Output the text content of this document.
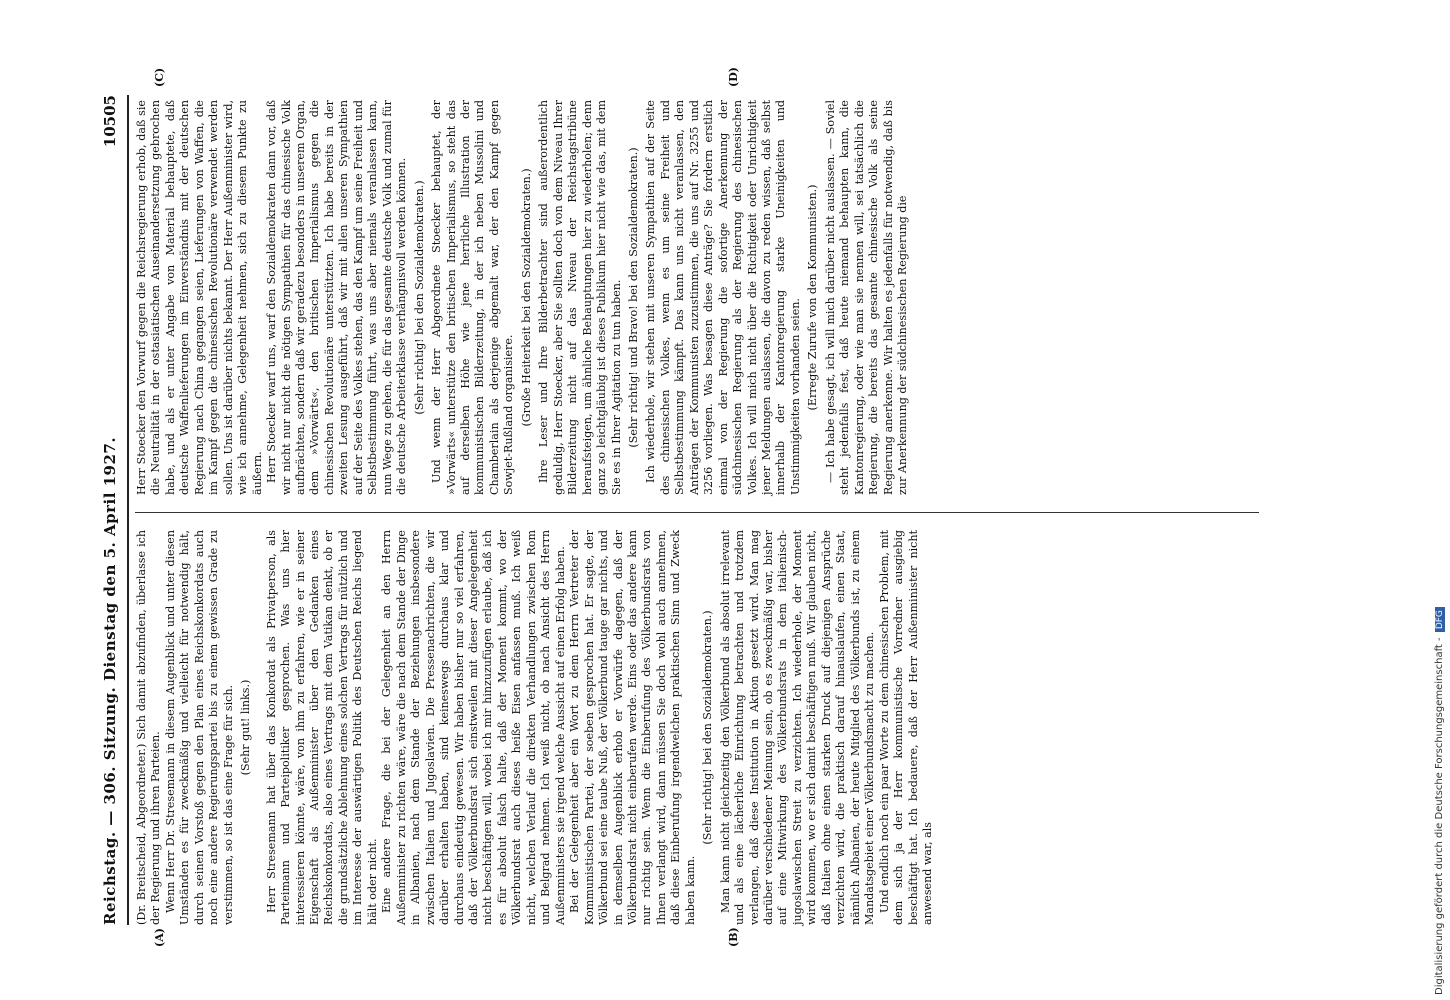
Reichstag. — 306. Sitzung. Dienstag den 5. April 1927.
10505
(A)	(B)
(C)	(D)

(Dr. Breitscheid, Abgeordneter.) Sich damit abzufinden, überlasse ich der Regierung und ihren Parteien. Wenn Herr Dr. Stresemann in diesem Augenblick und unter diesen Umständen es für zweckmäßig und vielleicht für notwendig hält, durch seinen Vorstoß gegen den Plan eines Reichskonkordats auch noch eine andere Regierungspartei bis zu einem gewissen Grade zu verstimmen, so ist das eine Frage für sich. (Sehr gut! links.) Herr Stresemann hat über das Konkordat als Privatperson, als Parteimann und Parteipolitiker gesprochen. Was uns hier interessieren könnte, wäre, von ihm zu erfahren, wie er in seiner Eigenschaft als Außenminister über den Gedanken eines Reichskonkordats, also eines Vertrags mit dem Vatikan denkt, ob er die grundsätzliche Ablehnung eines solchen Vertrags für nützlich und im Interesse der auswärtigen Politik des Deutschen Reichs liegend hält oder nicht. Eine andere Frage, die bei der Gelegenheit an den Herrn Außenminister zu richten wäre, wäre die nach dem Stande der Dinge in Albanien, nach dem Stande der Beziehungen insbesondere zwischen Italien und Jugoslavien. Die Pressenachrichten, die wir darüber erhalten haben, sind keineswegs durchaus klar und durchaus eindeutig gewesen. Wir haben bisher nur so viel erfahren, daß der Völkerbundsrat sich einstweilen mit dieser Angelegenheit nicht beschäftigen will, wobei ich mir hinzuzufügen erlaube, daß ich es für absolut falsch halte, daß der Moment kommt, wo der Völkerbundsrat auch dieses heiße Eisen anfassen muß. Ich weiß nicht, welchen Verlauf die direkten Verhandlungen zwischen Rom und Belgrad nehmen. Ich weiß nicht, ob nach Ansicht des Herrn Außenministers sie irgend welche Aussicht auf einen Erfolg haben. Bei der Gelegenheit aber ein Wort zu dem Herrn Vertreter der Kommunistischen Partei, der soeben gesprochen hat. Er sagte, der Völkerbund sei eine taube Nuß, der Völkerbund tauge gar nichts, und in demselben Augenblick erhob er Vorwürfe dagegen, daß der Völkerbundsrat nicht einberufen werde. Eins oder das andere kann nur richtig sein. Wenn die Einberufung des Völkerbundsrats von Ihnen verlangt wird, dann müssen Sie doch wohl auch annehmen, daß diese Einberufung irgendwelchen praktischen Sinn und Zweck haben kann.

(Sehr richtig! bei den Sozialdemokraten.) Man kann nicht gleichzeitig den Völkerbund als absolut irrelevant und als eine lächerliche Einrichtung betrachten und trotzdem verlangen, daß diese Institution in Aktion gesetzt wird. Man mag darüber verschiedener Meinung sein, ob es zweckmäßig war, bisher auf eine Mitwirkung des Völkerbundsrats in dem italienisch-jugoslawischen Streit zu verzichten. Ich wiederhole, der Moment wird kommen, wo er sich damit beschäftigen muß. Wir glauben nicht, daß Italien ohne einen starken Druck auf diejenigen Ansprüche verzichten wird, die praktisch darauf hinauslaufen, einen Staat, nämlich Albanien, der heute Mitglied des Völkerbunds ist, zu einem Mandatsgebiet einer Völkerbundsmacht zu machen. Und endlich noch ein paar Worte zu dem chinesischen Problem, mit dem sich ja der Herr kommunistische Vorredner ausgiebig beschäftigt hat. Ich bedauere, daß der Herr Außenminister nicht anwesend war, als

Herr Stoecker den Vorwurf gegen die Reichsregierung erhob, daß sie die Neutralität in der ostasiatischen Auseinandersetzung gebrochen habe, und als er unter Angabe von Material behauptete, daß deutsche Waffenlieferungen im Einverständnis mit der deutschen Regierung nach China gegangen seien, Lieferungen von Waffen, die im Kampf gegen die chinesischen Revolutionäre verwendet werden sollen. Uns ist darüber nichts bekannt. Der Herr Außenminister wird, wie ich annehme, Gelegenheit nehmen, sich zu diesem Punkte zu äußern. Herr Stoecker warf uns, warf den Sozialdemokraten dann vor, daß wir nicht nur nicht die nötigen Sympathien für das chinesische Volk aufbrächten, sondern daß wir geradezu besonders in unserem Organ, dem »Vorwärts«, den britischen Imperialismus gegen die chinesischen Revolutionäre unterstützten. Ich habe bereits in der zweiten Lesung ausgeführt, daß wir mit allen unseren Sympathien auf der Seite des Volkes stehen, das den Kampf um seine Freiheit und Selbstbestimmung führt, was uns aber niemals veranlassen kann, nun Wege zu gehen, die für das gesamte deutsche Volk und zumal für die deutsche Arbeiterklasse verhängnisvoll werden können. (Sehr richtig! bei den Sozialdemokraten.) Und wenn der Herr Abgeordnete Stoecker behauptet, der »Vorwärts« unterstütze den britischen Imperialismus, so steht das auf derselben Höhe wie jene herrliche Illustration der kommunistischen Bilderzeitung, in der ich neben Mussolini und Chamberlain als derjenige abgemalt war, der den Kampf gegen Sowjet-Rußland organisiere. (Große Heiterkeit bei den Sozialdemokraten.) Ihre Leser und Ihre Bilderbetrachter sind außerordentlich geduldig, Herr Stoecker, aber Sie sollten doch von dem Niveau Ihrer Bilderzeitung nicht auf das Niveau der Reichstagstribüne heraufsteigen, um ähnliche Behauptungen hier zu wiederholen; denn ganz so leichtgläubig ist dieses Publikum hier nicht wie das, mit dem Sie es in Ihrer Agitation zu tun haben. (Sehr richtig! und Bravo! bei den Sozialdemokraten.) Ich wiederhole, wir stehen mit unseren Sympathien auf der Seite des chinesischen Volkes, wenn es um seine Freiheit und Selbstbestimmung kämpft. Das kann uns nicht veranlassen, den Anträgen der Kommunisten zuzustimmen, die uns auf Nr. 3255 und 3256 vorliegen. Was besagen diese Anträge? Sie fordern erstlich einmal von der Regierung die sofortige Anerkennung der südchinesischen Regierung als der Regierung des chinesischen Volkes. Ich will mich nicht über die Richtigkeit oder Unrichtigkeit jener Meldungen auslassen, die davon zu reden wissen, daß selbst innerhalb der Kantonregierung starke Uneinigkeiten und Unstimmigkeiten vorhanden seien. (Erregte Zurufe von den Kommunisten.) — Ich habe gesagt, ich will mich darüber nicht auslassen. — Soviel steht jedenfalls fest, daß heute niemand behaupten kann, die Kantonregierung, oder wie man sie nennen will, sei tatsächlich die Regierung, die bereits das gesamte chinesische Volk als seine Regierung anerkenne. Wir halten es jedenfalls für notwendig, daß bis zur Anerkennung der südchinesischen Regierung die

Digitalisierung gefördert durch die Deutsche Forschungsgemeinschaft - DFG
